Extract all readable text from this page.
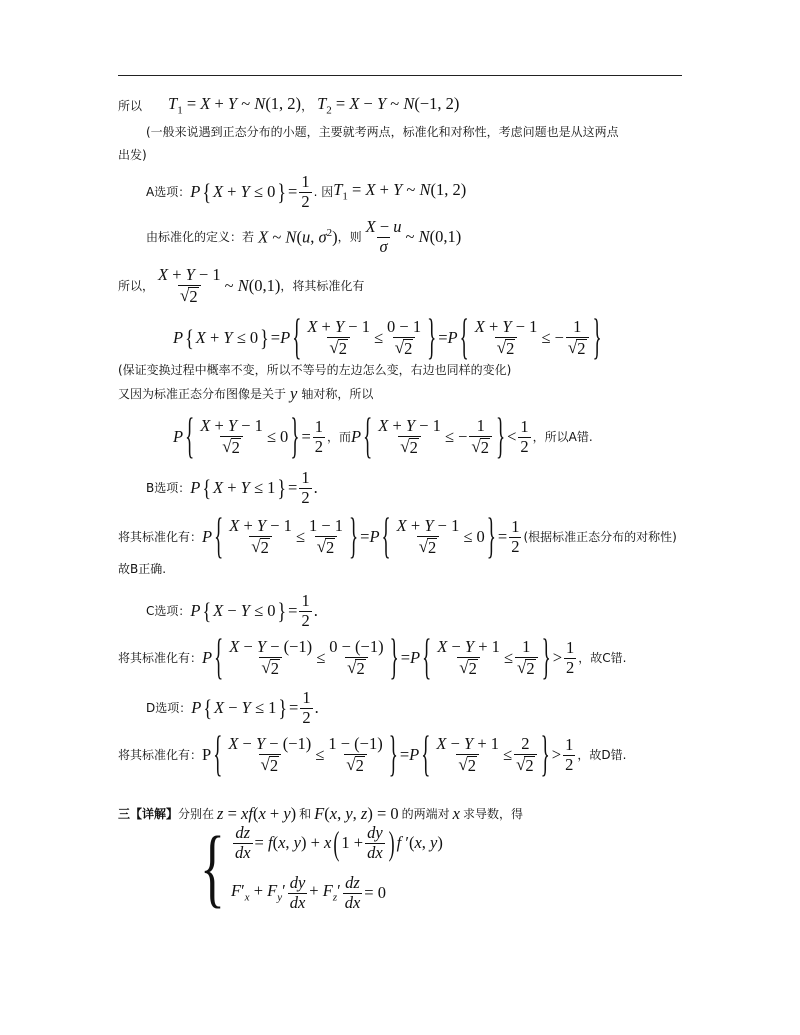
所以 $T_1 = X + Y$ ~ N(1, 2) ， $T_2 = X - Y$ ~ N(−1, 2)
(一般来说遇到正态分布的小题，主要就考两点，标准化和对称性，考虑问题也是从这两点
出发)
A选项： P { X + Y ≤ 0 } = $\frac{1}{2}$ . 因 $T_1 = X + Y$ ~ N(1, 2)
由标准化的定义：若 X ~ N(u, $\sigma^2$) ，则 $\frac{X - u}{\sigma}$ ~ N(0,1)
所以， $\frac{X + Y - 1}{√ 2}$ ~ N(0,1) ，将其标准化有
P { X + Y ≤ 0 } = P { $\frac{X + Y - 1}{√ 2} \le \frac{0 - 1}{√ 2}$ } = P { $\frac{X + Y - 1}{√ 2}$ ≤ − $\frac{1}{√ 2}$ }
(保证变换过程中概率不变，所以不等号的左边怎么变，右边也同样的变化)
又因为标准正态分布图像是关于 y 轴对称，所以
P { $\frac{X + Y - 1}{√ 2} \le 0$ } = $\frac{1}{2}$ ，而 P { $\frac{X + Y - 1}{√ 2}$ ≤ − $\frac{1}{√ 2}$ } < $\frac{1}{2}$ ，所以A错.
B选项： P { X + Y ≤ 1 } = $\frac{1}{2}$ .
将其标准化有： P { $\frac{X + Y - 1}{√ 2} \le \frac{1 - 1}{√ 2}$ } = P { $\frac{X + Y - 1}{√ 2} \le 0$ } = $\frac{1}{2}$ (根据标准正态分布的对称性)
故B正确.
C选项： P { X − Y ≤ 0 } = $\frac{1}{2}$ .
将其标准化有： P { $\frac{X - Y - (-1)}{√ 2} \le \frac{0 - (-1)}{√ 2}$ } = P { $\frac{X - Y + 1}{√ 2} \le \frac{1}{√ 2}$ } > $\frac{1}{2}$ ，故C错.
D选项： P { X − Y ≤ 1 } = $\frac{1}{2}$ .
将其标准化有： P { $\frac{X - Y - (-1)}{√ 2} \le \frac{1 - (-1)}{√ 2}$ } = P { $\frac{X - Y + 1}{√ 2} \le \frac{2}{√ 2}$ } > $\frac{1}{2}$ ，故D错.
三【详解】 分别在 z = xf(x + y) 和 F(x, y, z) = 0 的两端对 x 求导数，得
{ $\frac{dz}{dx} = f(x$, y) + x ( $1 + \frac{dy}{dx}$ ) f ′(x, y)
$F'_x + F_y' \frac{dy}{dx} + F_z' \frac{dz}{dx} = 0$
